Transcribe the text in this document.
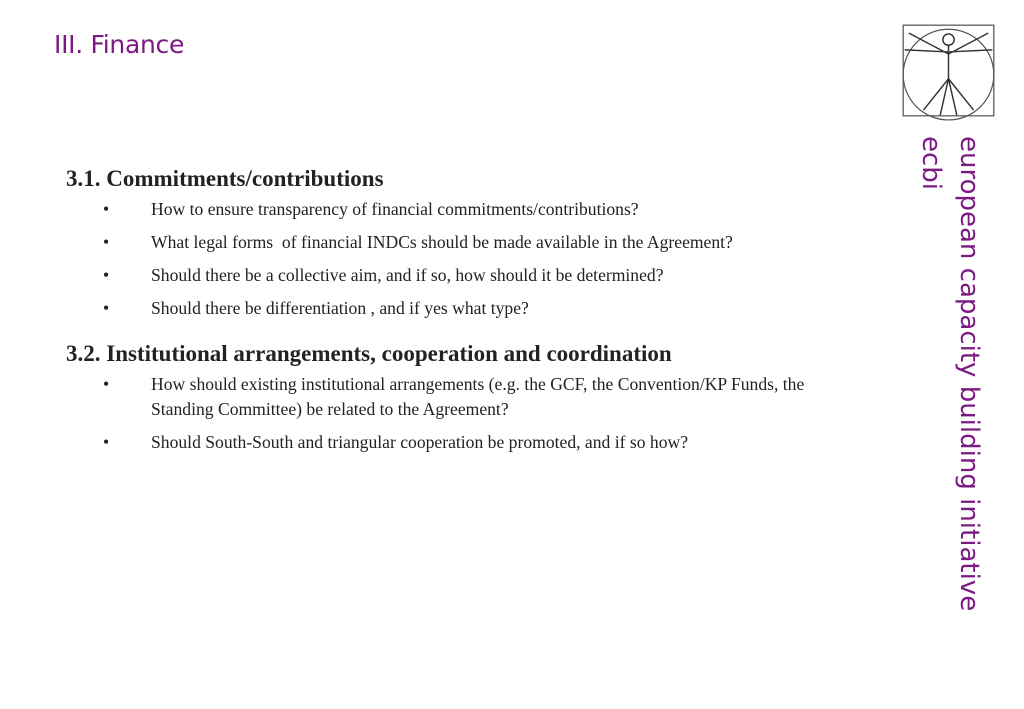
III. Finance
3.1. Commitments/contributions
• How to ensure transparency of financial commitments/contributions?
• What legal forms  of financial INDCs should be made available in the Agreement?
• Should there be a collective aim, and if so, how should it be determined?
• Should there be differentiation , and if yes what type?
3.2. Institutional arrangements, cooperation and coordination
• How should existing institutional arrangements (e.g. the GCF, the Convention/KP Funds, the Standing Committee) be related to the Agreement?
• Should South-South and triangular cooperation be promoted, and if so how?	european capacity building initiative
ecbi
